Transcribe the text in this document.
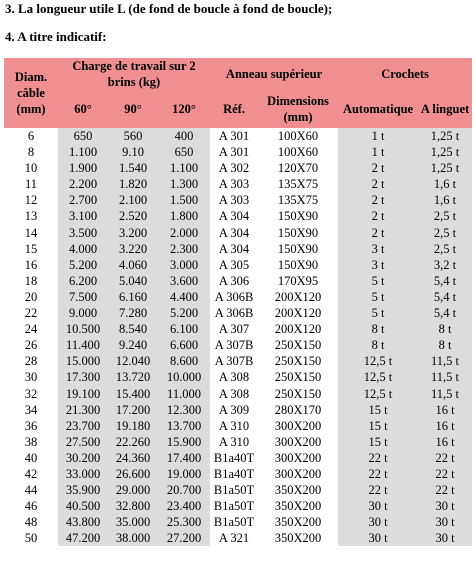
3. La longueur utile L (de fond de boucle à fond de boucle);
4. A titre indicatif:
Diam. câble (mm)	Charge de travail sur 2 brins (kg)			Anneau supérieur		Crochets	
	60°	90°	120°	Réf.	Dimensions (mm)	Automatique	A linguet
6	650	560	400	A 301	100X60	1 t	1,25 t
8	1.100	9.10	650	A 301	100X60	1 t	1,25 t
10	1.900	1.540	1.100	A 302	120X70	2 t	1,25 t
11	2.200	1.820	1.300	A 303	135X75	2 t	1,6 t
12	2.700	2.100	1.500	A 303	135X75	2 t	1,6 t
13	3.100	2.520	1.800	A 304	150X90	2 t	2,5 t
14	3.500	3.200	2.000	A 304	150X90	2 t	2,5 t
15	4.000	3.220	2.300	A 304	150X90	3 t	2,5 t
16	5.200	4.060	3.000	A 305	150X90	3 t	3,2 t
18	6.200	5.040	3.600	A 306	170X95	5 t	5,4 t
20	7.500	6.160	4.400	A 306B	200X120	5 t	5,4 t
22	9.000	7.280	5.200	A 306B	200X120	5 t	5,4 t
24	10.500	8.540	6.100	A 307	200X120	8 t	8 t
26	11.400	9.240	6.600	A 307B	250X150	8 t	8 t
28	15.000	12.040	8.600	A 307B	250X150	12,5 t	11,5 t
30	17.300	13.720	10.000	A 308	250X150	12,5 t	11,5 t
32	19.100	15.400	11.000	A 308	250X150	12,5 t	11,5 t
34	21.300	17.200	12.300	A 309	280X170	15 t	16 t
36	23.700	19.180	13.700	A 310	300X200	15 t	16 t
38	27.500	22.260	15.900	A 310	300X200	15 t	16 t
40	30.200	24.360	17.400	B1a40T	300X200	22 t	22 t
42	33.000	26.600	19.000	B1a40T	300X200	22 t	22 t
44	35.900	29.000	20.700	B1a50T	350X200	22 t	22 t
46	40.500	32.800	23.400	B1a50T	350X200	30 t	30 t
48	43.800	35.000	25.300	B1a50T	350X200	30 t	30 t
50	47.200	38.000	27.200	A 321	350X200	30 t	30 t
